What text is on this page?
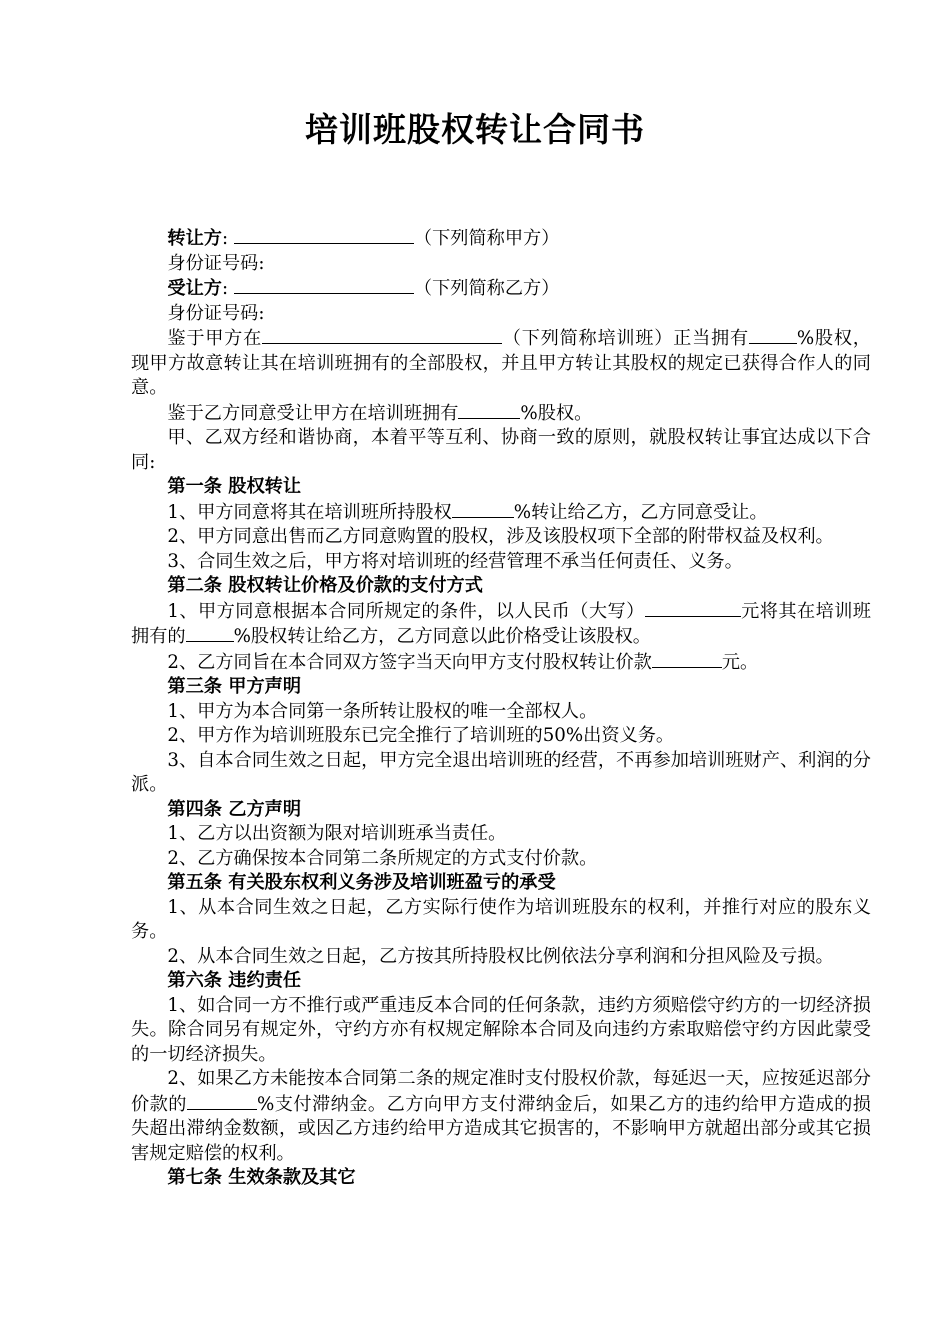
培训班股权转让合同书

转让方:	（下列简称甲方）

身份证号码:

受让方:	（下列简称乙方）

身份证号码:

鉴于甲方在	（下列简称培训班）正当拥有	%股权，现甲方故意转让其在培训班拥有的全部股权，并且甲方转让其股权的规定已获得合作人的同意。

鉴于乙方同意受让甲方在培训班拥有	%股权。

甲、乙双方经和谐协商，本着平等互利、协商一致的原则，就股权转让事宜达成以下合同:

第一条 股权转让

1、甲方同意将其在培训班所持股权	%转让给乙方，乙方同意受让。

2、甲方同意出售而乙方同意购置的股权，涉及该股权项下全部的附带权益及权利。

3、合同生效之后，甲方将对培训班的经营管理不承当任何责任、义务。

第二条 股权转让价格及价款的支付方式

1、甲方同意根据本合同所规定的条件，以人民币（大写）	元将其在培训班拥有的	%股权转让给乙方，乙方同意以此价格受让该股权。

2、乙方同旨在本合同双方签字当天向甲方支付股权转让价款	元。

第三条 甲方声明

1、甲方为本合同第一条所转让股权的唯一全部权人。

2、甲方作为培训班股东已完全推行了培训班的50%出资义务。

3、自本合同生效之日起，甲方完全退出培训班的经营，不再参加培训班财产、利润的分派。

第四条 乙方声明

1、乙方以出资额为限对培训班承当责任。

2、乙方确保按本合同第二条所规定的方式支付价款。

第五条 有关股东权利义务涉及培训班盈亏的承受

1、从本合同生效之日起，乙方实际行使作为培训班股东的权利，并推行对应的股东义务。

2、从本合同生效之日起，乙方按其所持股权比例依法分享利润和分担风险及亏损。

第六条 违约责任

1、如合同一方不推行或严重违反本合同的任何条款，违约方须赔偿守约方的一切经济损失。除合同另有规定外，守约方亦有权规定解除本合同及向违约方索取赔偿守约方因此蒙受的一切经济损失。

2、如果乙方未能按本合同第二条的规定准时支付股权价款，每延迟一天，应按延迟部分价款的	%支付滞纳金。乙方向甲方支付滞纳金后，如果乙方的违约给甲方造成的损失超出滞纳金数额，或因乙方违约给甲方造成其它损害的，不影响甲方就超出部分或其它损害规定赔偿的权利。

第七条 生效条款及其它
